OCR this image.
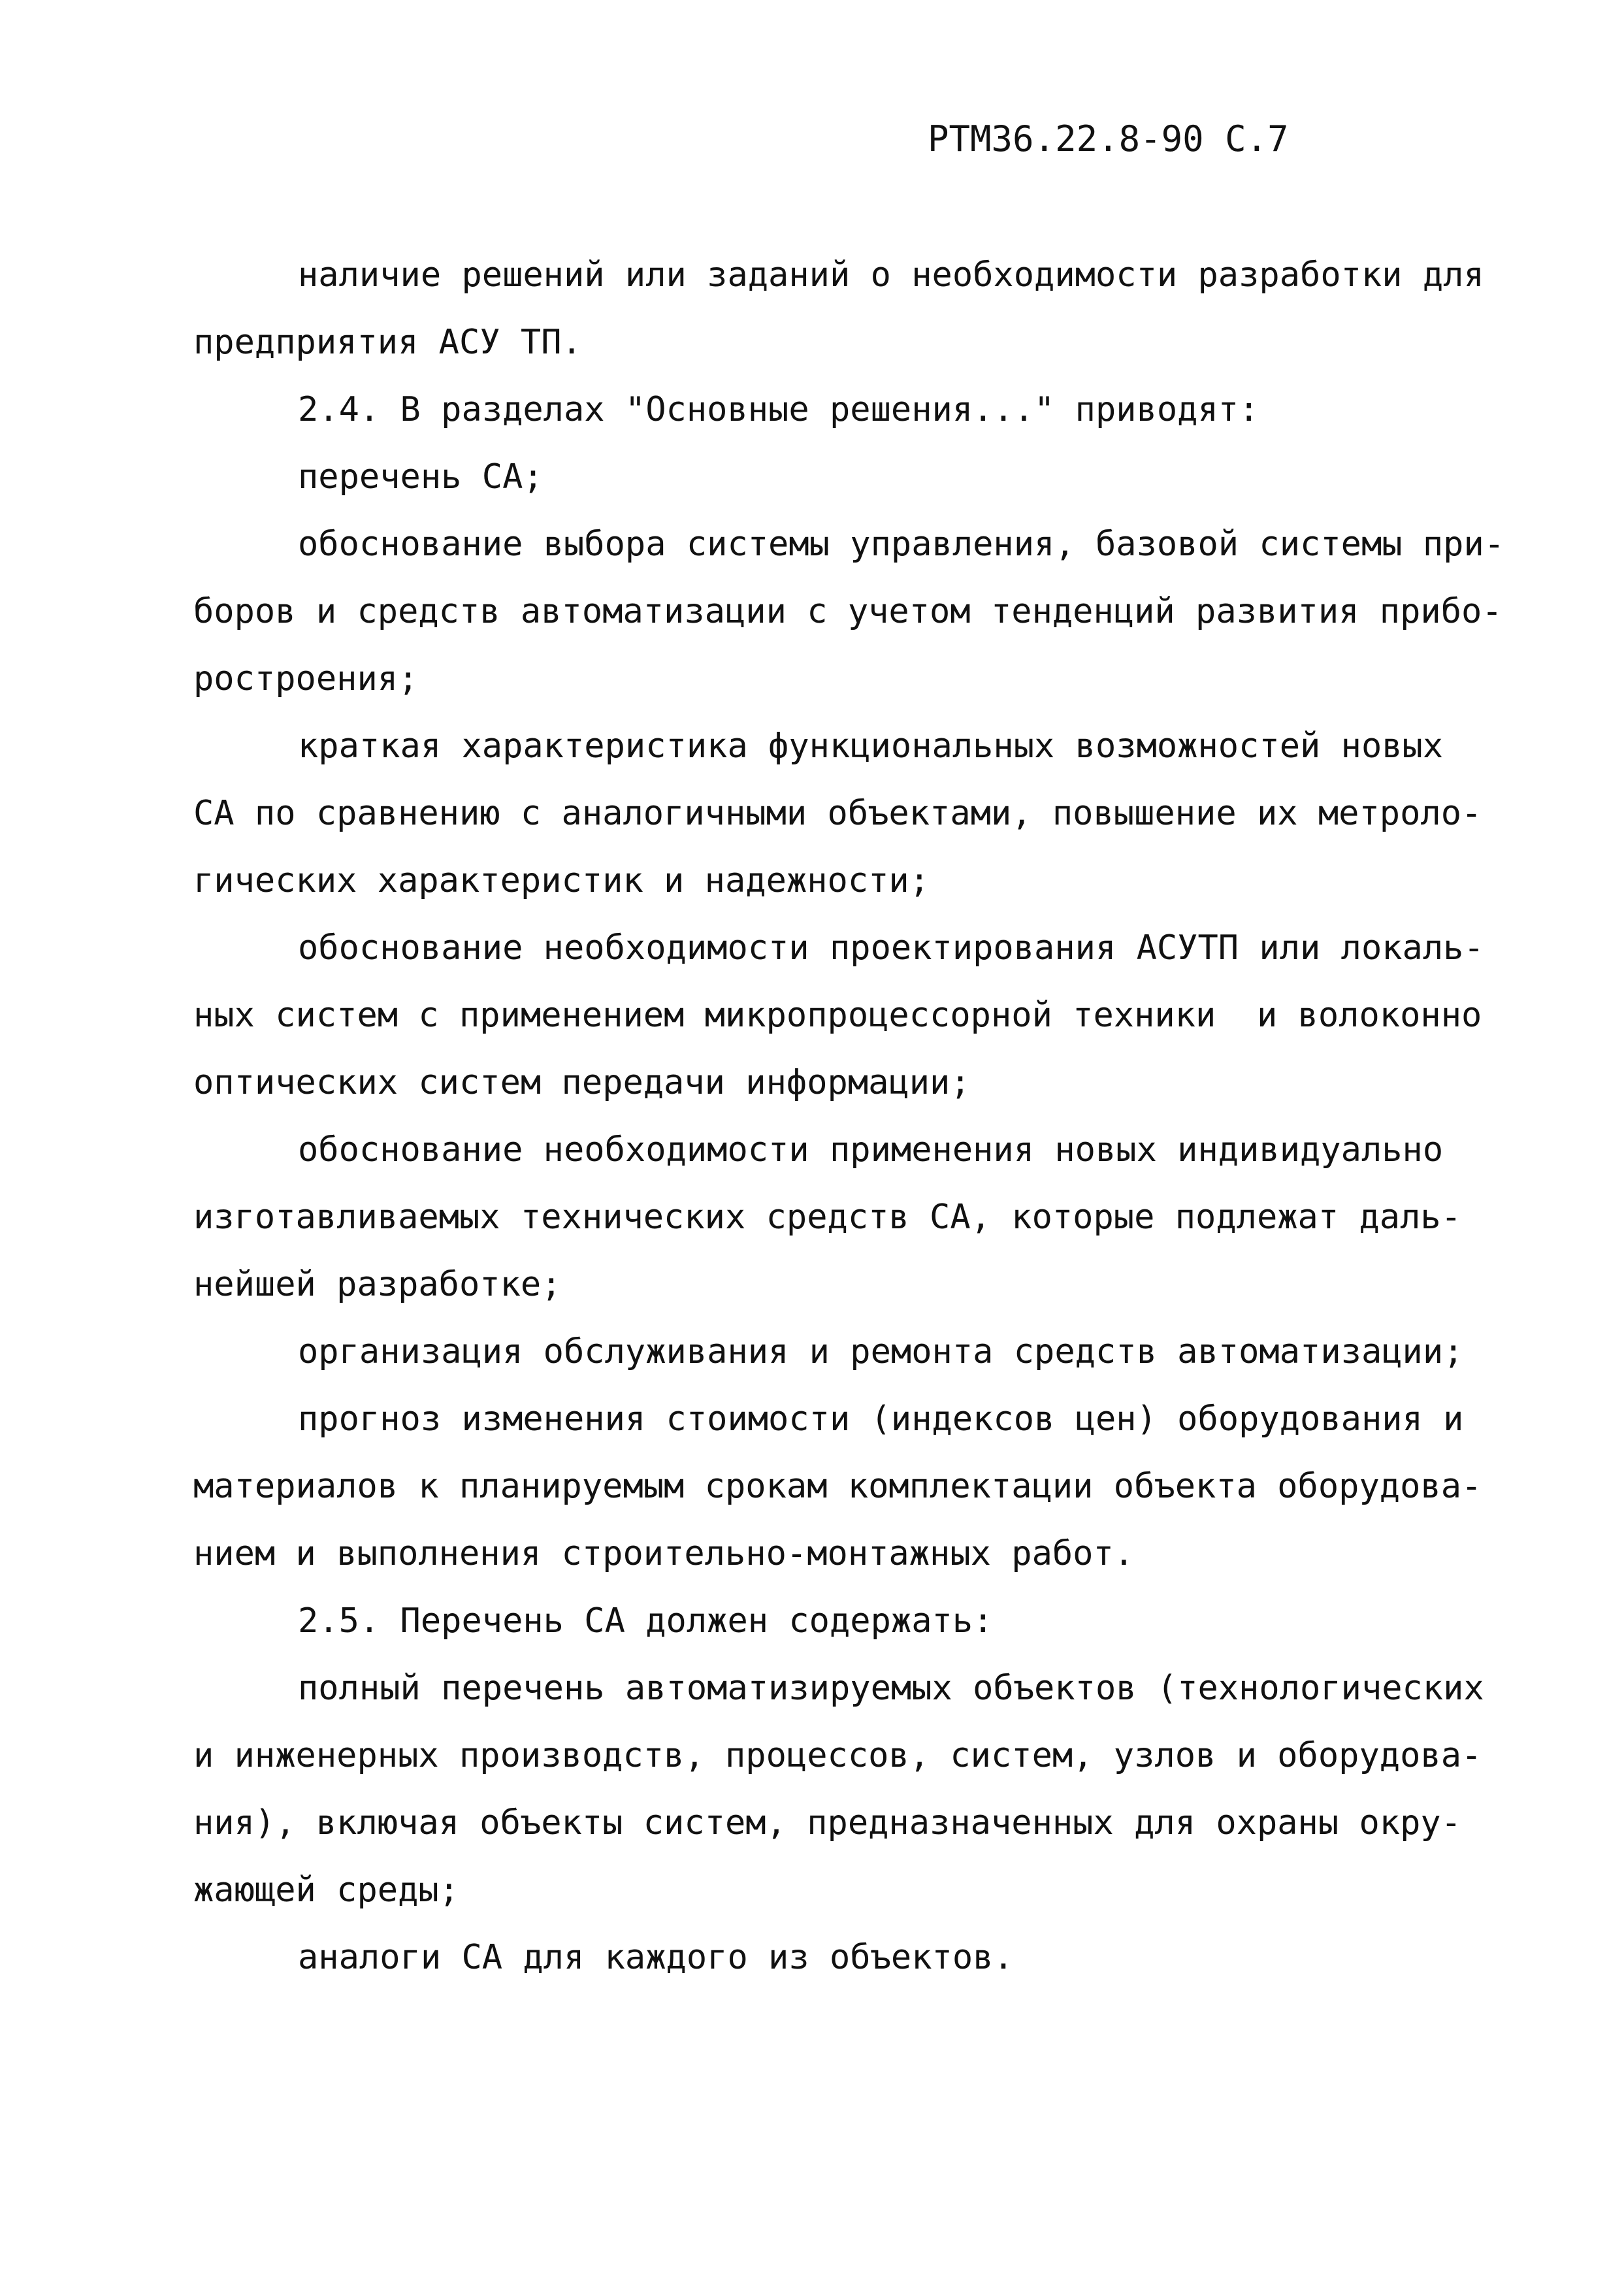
РТМ36.22.8-90 С.7
наличие решений или заданий о необходимости разработки для
предприятия АСУ ТП.
2.4. В разделах "Основные решения..." приводят:
перечень СА;
обоснование выбора системы управления, базовой системы при-
боров и средств автоматизации с учетом тенденций развития прибо-
ростроения;
краткая характеристика функциональных возможностей новых
СА по сравнению с аналогичными объектами, повышение их метроло-
гических характеристик и надежности;
обоснование необходимости проектирования АСУТП или локаль-
ных систем с применением микропроцессорной техники  и волоконно
оптических систем передачи информации;
обоснование необходимости применения новых индивидуально
изготавливаемых технических средств СА, которые подлежат даль-
нейшей разработке;
организация обслуживания и ремонта средств автоматизации;
прогноз изменения стоимости (индексов цен) оборудования и
материалов к планируемым срокам комплектации объекта оборудова-
нием и выполнения строительно-монтажных работ.
2.5. Перечень СА должен содержать:
полный перечень автоматизируемых объектов (технологических
и инженерных производств, процессов, систем, узлов и оборудова-
ния), включая объекты систем, предназначенных для охраны окру-
жающей среды;
аналоги СА для каждого из объектов.
